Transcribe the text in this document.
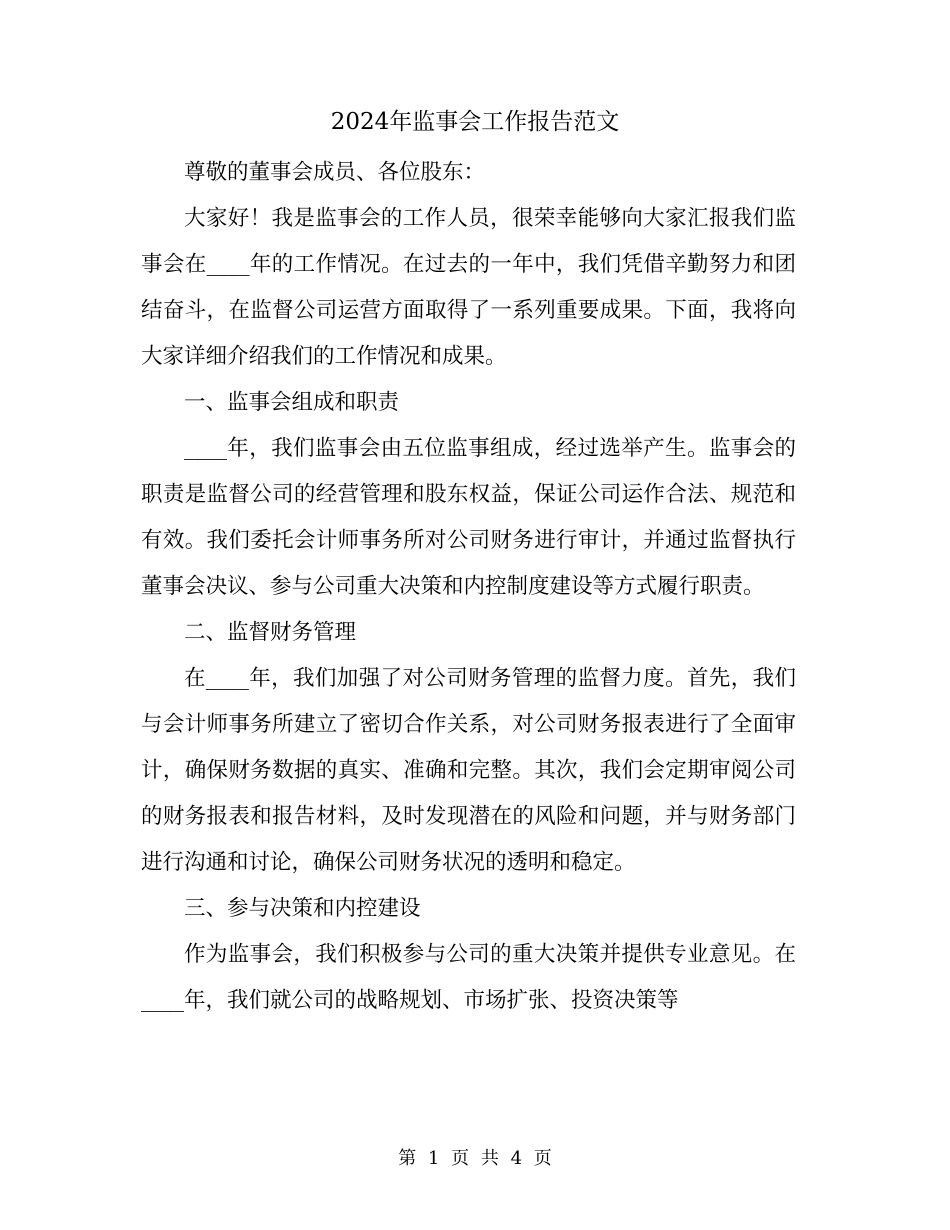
2024年监事会工作报告范文

尊敬的董事会成员、各位股东：

大家好！我是监事会的工作人员，很荣幸能够向大家汇报我们监事会在____年的工作情况。在过去的一年中，我们凭借辛勤努力和团结奋斗，在监督公司运营方面取得了一系列重要成果。下面，我将向大家详细介绍我们的工作情况和成果。

一、监事会组成和职责

____年，我们监事会由五位监事组成，经过选举产生。监事会的职责是监督公司的经营管理和股东权益，保证公司运作合法、规范和有效。我们委托会计师事务所对公司财务进行审计，并通过监督执行董事会决议、参与公司重大决策和内控制度建设等方式履行职责。

二、监督财务管理

在____年，我们加强了对公司财务管理的监督力度。首先，我们与会计师事务所建立了密切合作关系，对公司财务报表进行了全面审计，确保财务数据的真实、准确和完整。其次，我们会定期审阅公司的财务报表和报告材料，及时发现潜在的风险和问题，并与财务部门进行沟通和讨论，确保公司财务状况的透明和稳定。

三、参与决策和内控建设

作为监事会，我们积极参与公司的重大决策并提供专业意见。在____年，我们就公司的战略规划、市场扩张、投资决策等

第 1 页 共 4 页
